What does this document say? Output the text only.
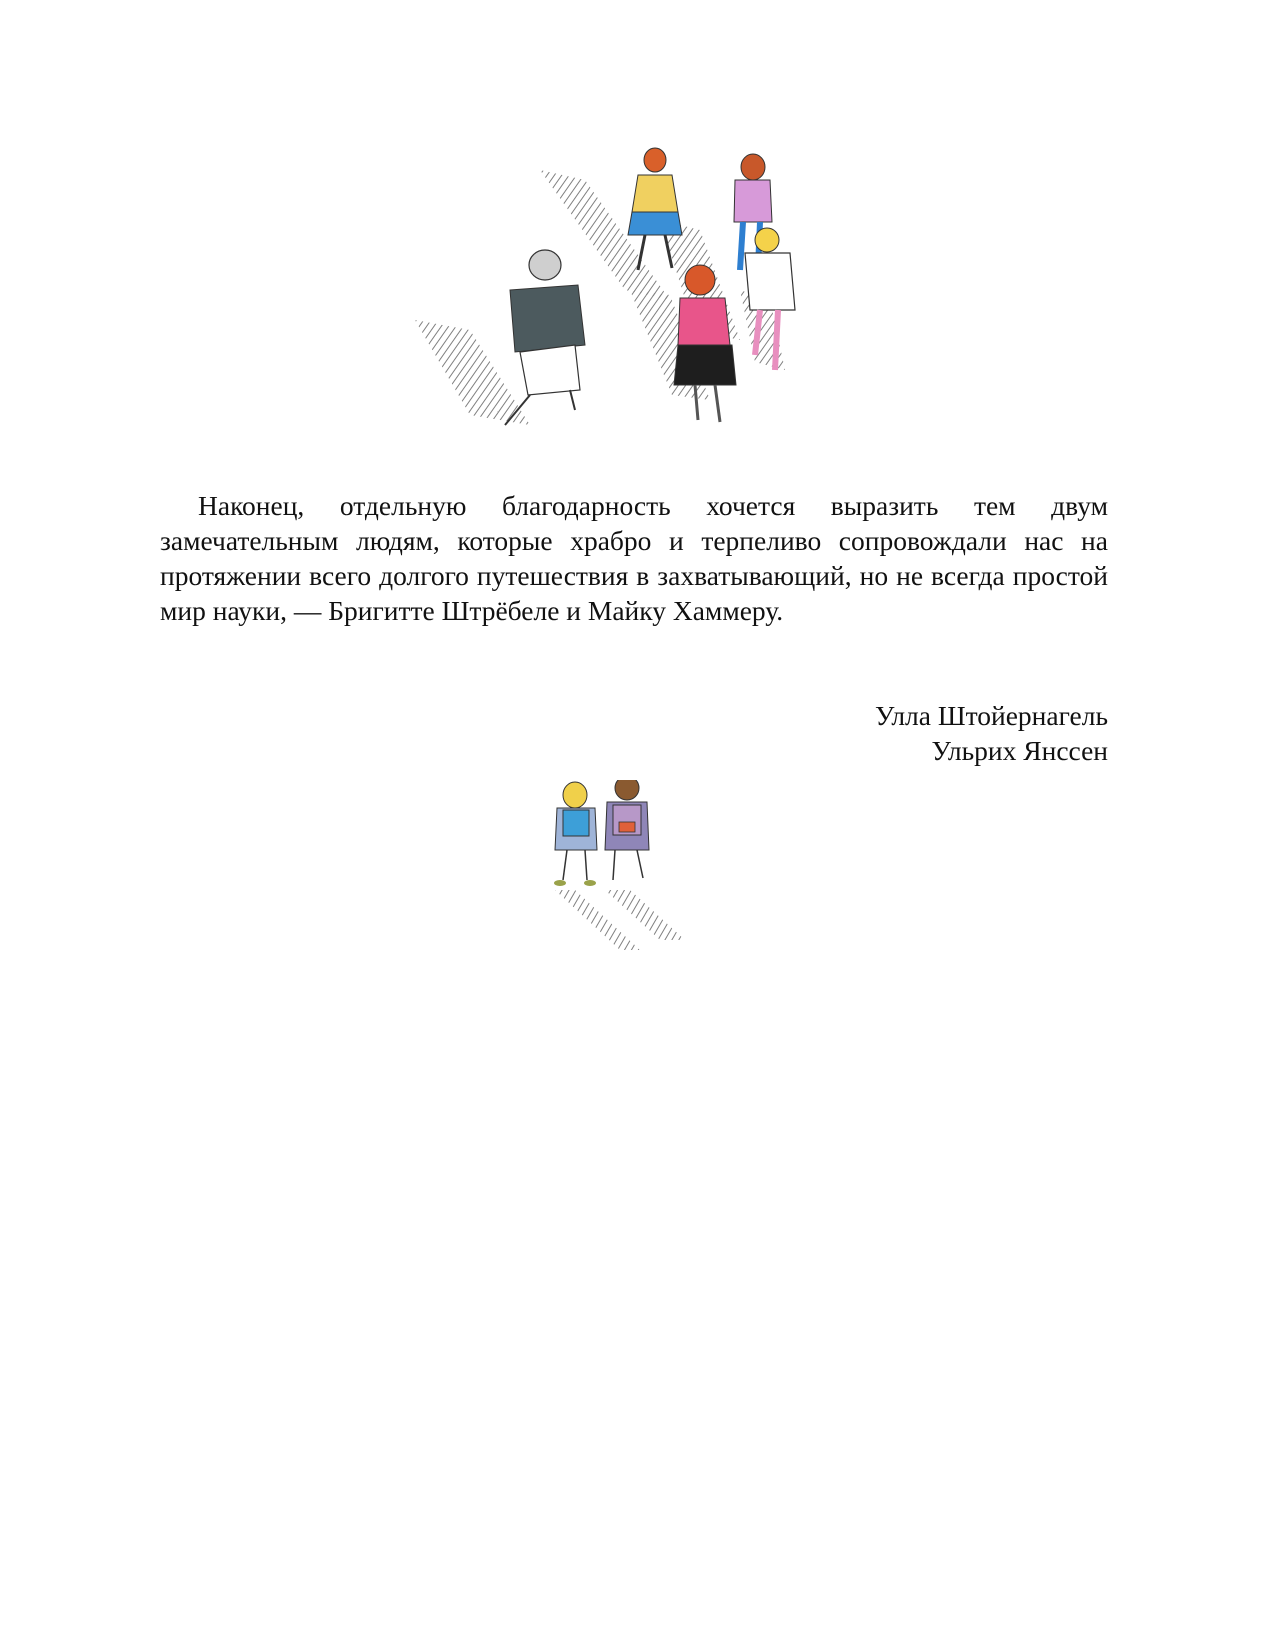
Наконец, отдельную благодарность хочется выразить тем двум замечательным людям, которые храбро и терпеливо сопровождали нас на протяжении всего долгого путешествия в захватывающий, но не всегда простой мир науки, — Бригитте Штрёбеле и Майку Хаммеру.

Улла Штойернагель
Ульрих Янссен
